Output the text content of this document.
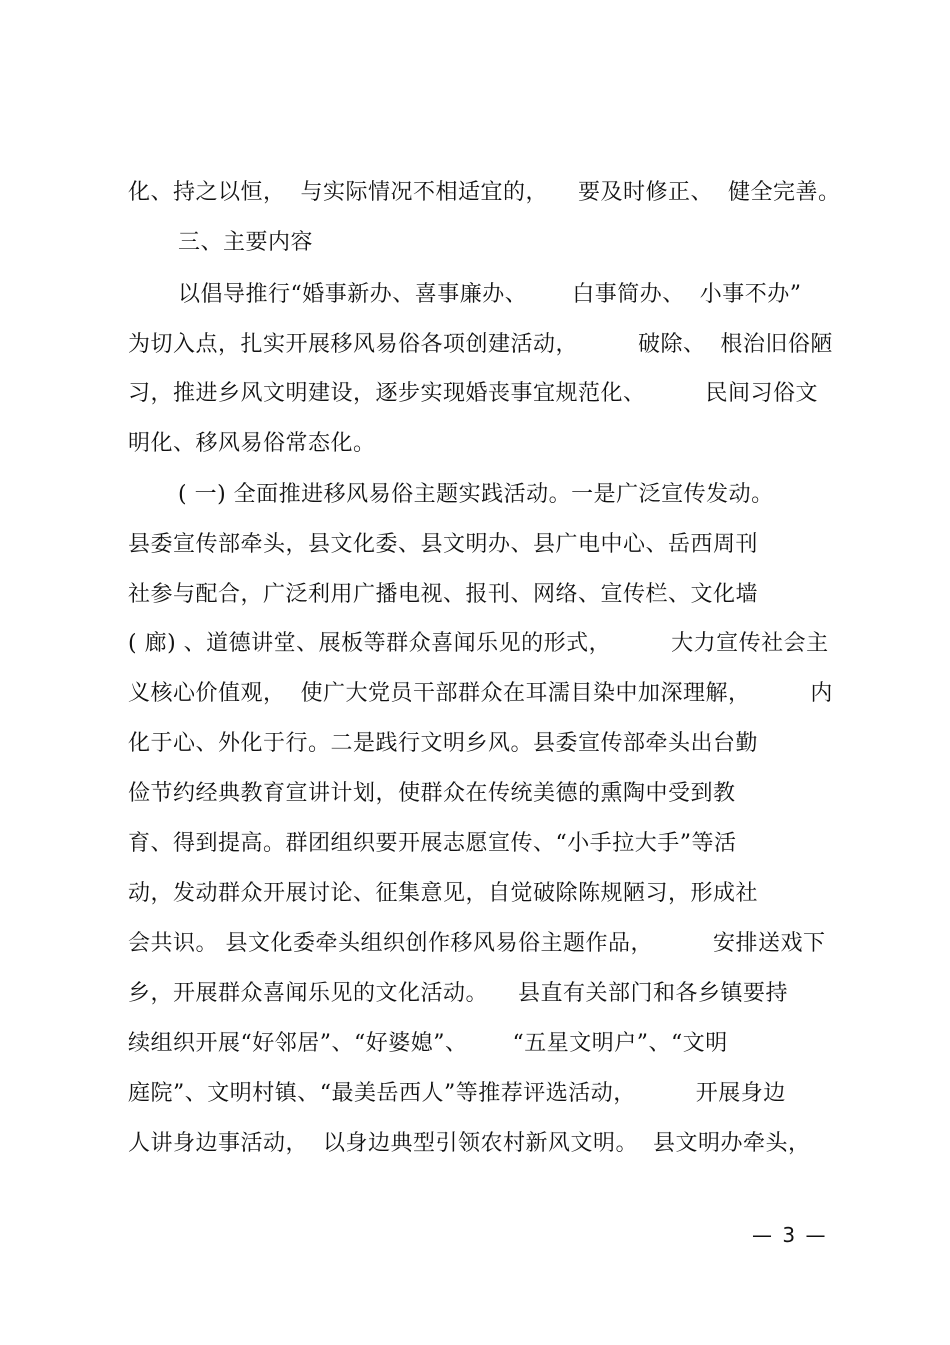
化、持之以恒，  与实际情况不相适宜的，    要及时修正、  健全完善。
三、主要内容
以倡导推行“婚事新办、喜事廉办、      白事简办、  小事不办”
为切入点，扎实开展移风易俗各项创建活动，        破除、  根治旧俗陋
习，推进乡风文明建设，逐步实现婚丧事宜规范化、        民间习俗文
明化、移风易俗常态化。
( 一) 全面推进移风易俗主题实践活动。一是广泛宣传发动。
县委宣传部牵头，县文化委、县文明办、县广电中心、岳西周刊
社参与配合，广泛利用广播电视、报刊、网络、宣传栏、文化墙
( 廊) 、道德讲堂、展板等群众喜闻乐见的形式，        大力宣传社会主
义核心价值观，  使广大党员干部群众在耳濡目染中加深理解，        内
化于心、外化于行。二是践行文明乡风。县委宣传部牵头出台勤
俭节约经典教育宣讲计划，使群众在传统美德的熏陶中受到教
育、得到提高。群团组织要开展志愿宣传、“小手拉大手”等活
动，发动群众开展讨论、征集意见，自觉破除陈规陋习，形成社
会共识。 县文化委牵头组织创作移风易俗主题作品，        安排送戏下
乡，开展群众喜闻乐见的文化活动。    县直有关部门和各乡镇要持
续组织开展“好邻居”、“好婆媳”、      “五星文明户”、“文明
庭院”、文明村镇、“最美岳西人”等推荐评选活动，        开展身边
人讲身边事活动，  以身边典型引领农村新风文明。  县文明办牵头，
— 3 —
